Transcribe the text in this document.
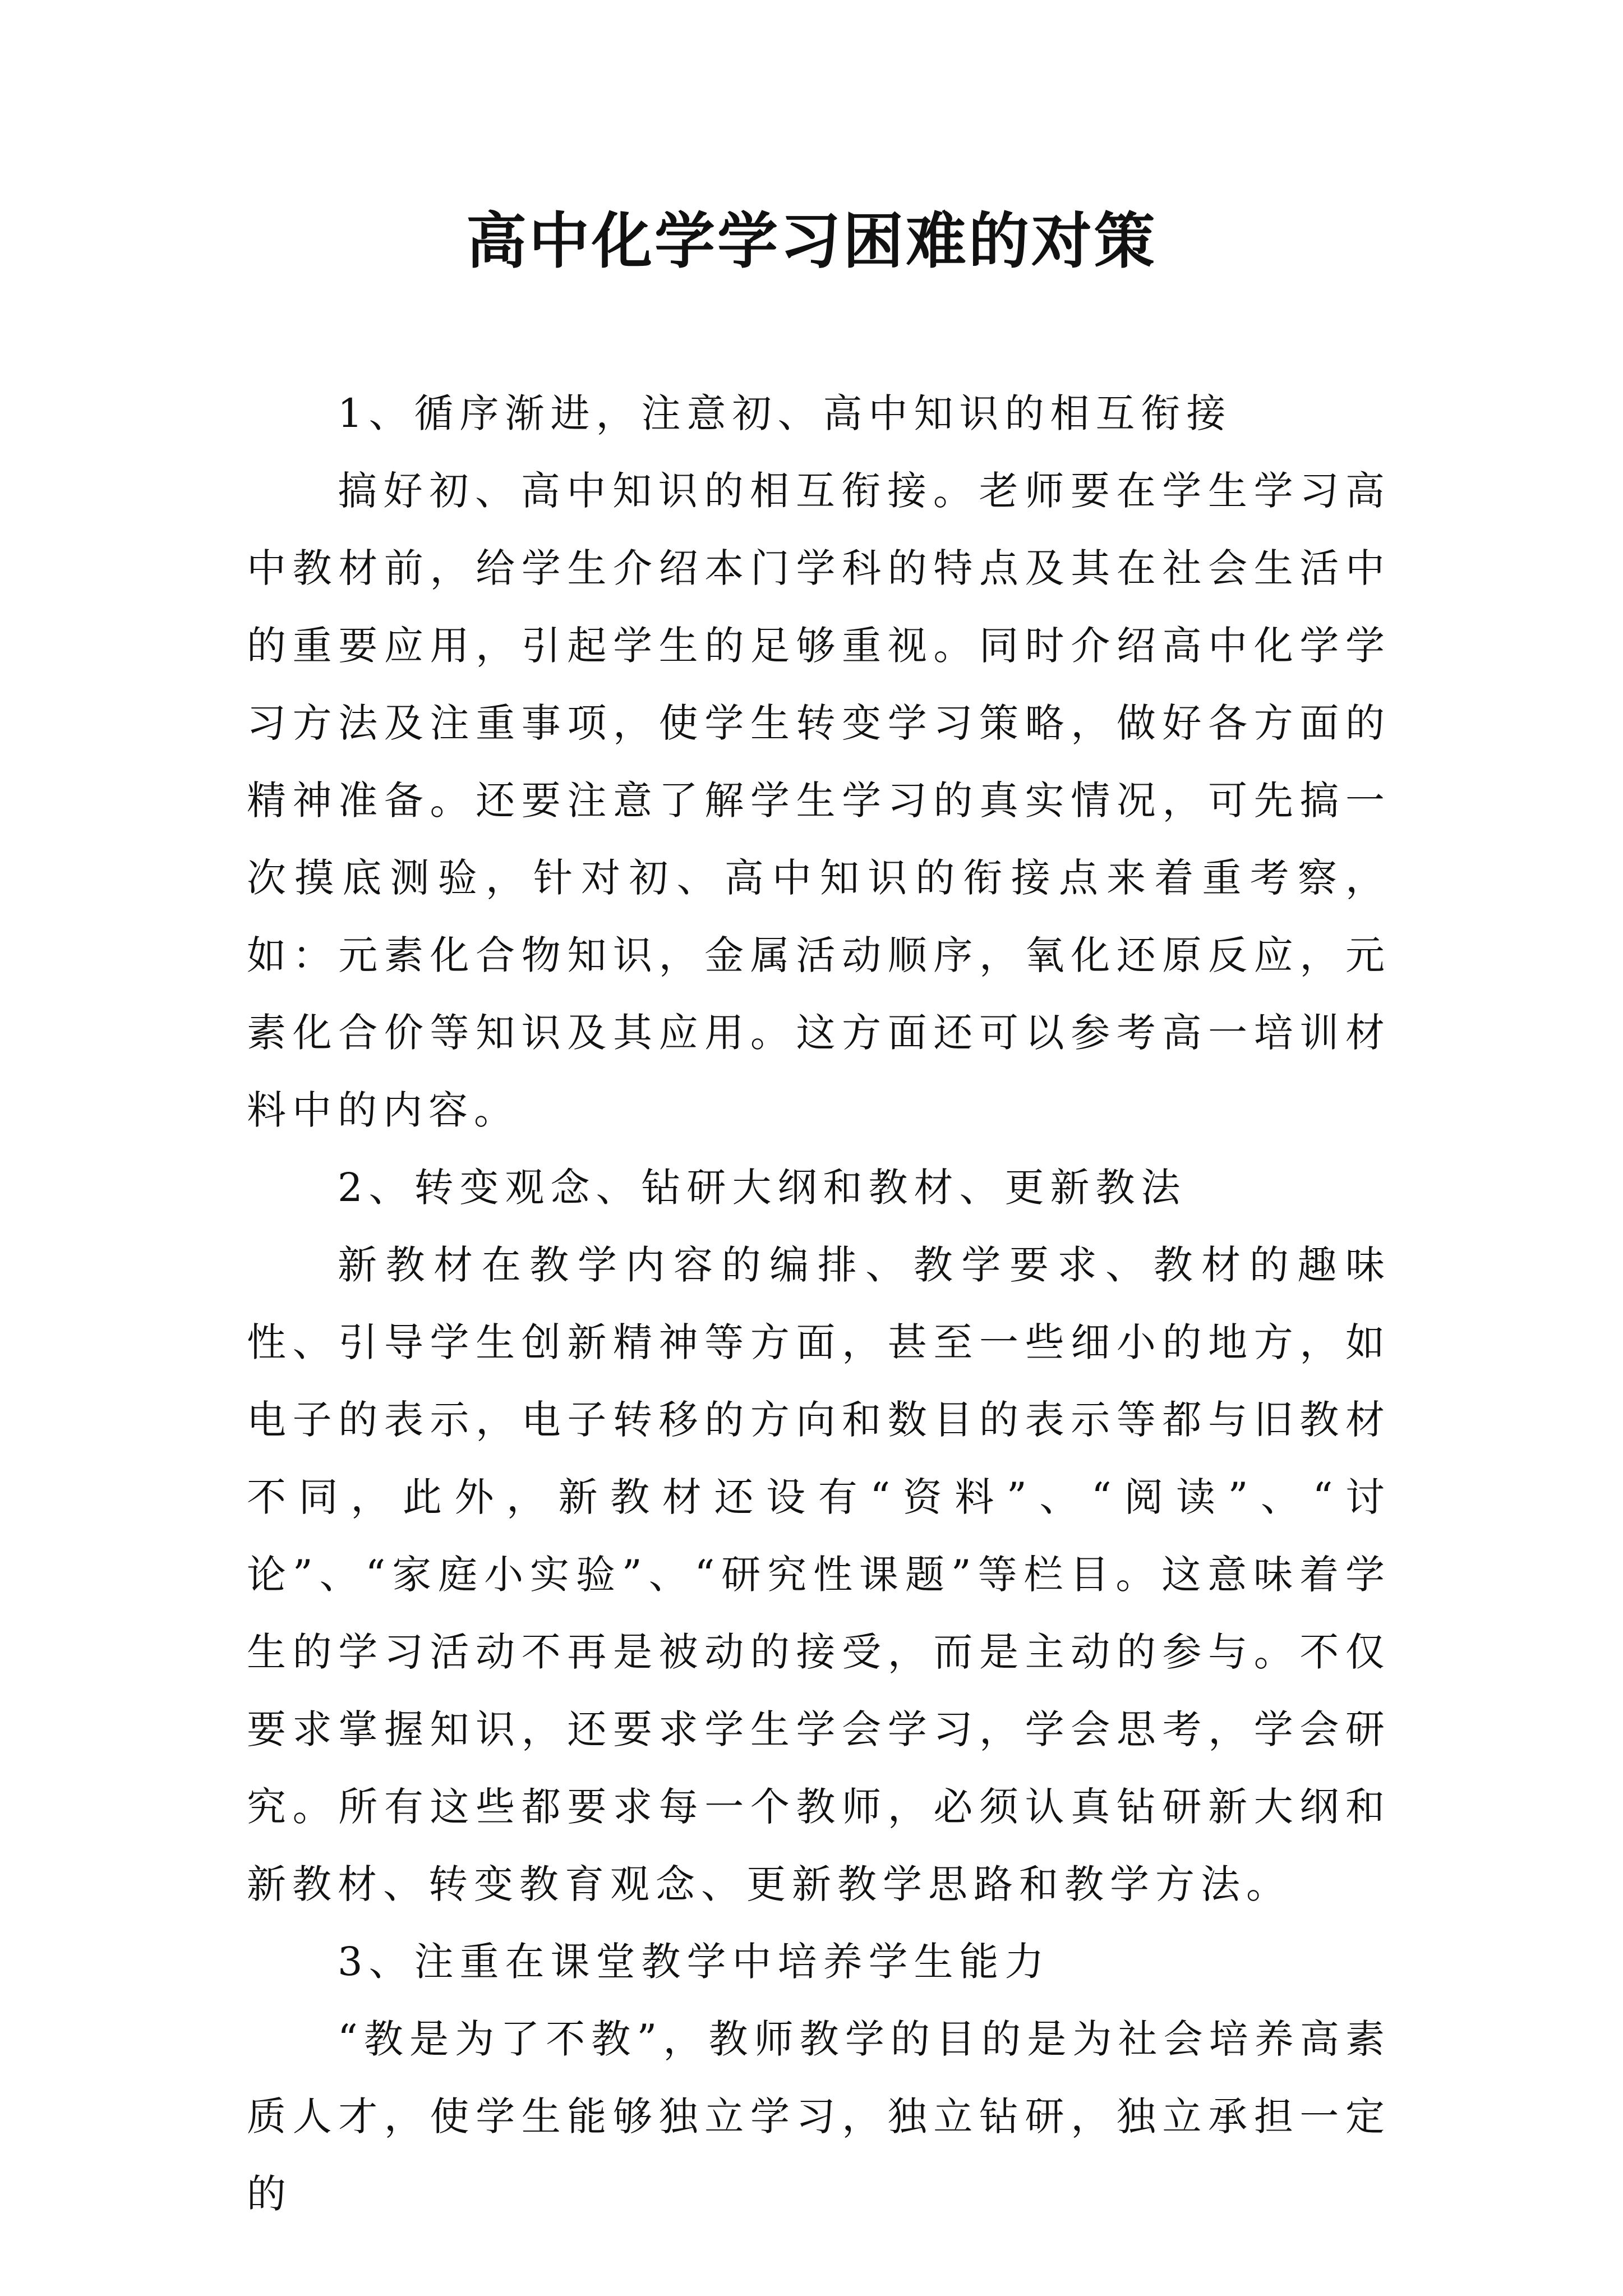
高中化学学习困难的对策

1、循序渐进，注意初、高中知识的相互衔接

搞好初、高中知识的相互衔接。老师要在学生学习高中教材前，给学生介绍本门学科的特点及其在社会生活中的重要应用，引起学生的足够重视。同时介绍高中化学学习方法及注重事项，使学生转变学习策略，做好各方面的精神准备。还要注意了解学生学习的真实情况，可先搞一次摸底测验，针对初、高中知识的衔接点来着重考察，如：元素化合物知识，金属活动顺序，氧化还原反应，元素化合价等知识及其应用。这方面还可以参考高一培训材料中的内容。

2、转变观念、钻研大纲和教材、更新教法

新教材在教学内容的编排、教学要求、教材的趣味性、引导学生创新精神等方面，甚至一些细小的地方，如电子的表示，电子转移的方向和数目的表示等都与旧教材不同，此外，新教材还设有“资料”、“阅读”、“讨论”、“家庭小实验”、“研究性课题”等栏目。这意味着学生的学习活动不再是被动的接受，而是主动的参与。不仅要求掌握知识，还要求学生学会学习，学会思考，学会研究。所有这些都要求每一个教师，必须认真钻研新大纲和新教材、转变教育观念、更新教学思路和教学方法。

3、注重在课堂教学中培养学生能力

“教是为了不教”，教师教学的目的是为社会培养高素质人才，使学生能够独立学习，独立钻研，独立承担一定的
